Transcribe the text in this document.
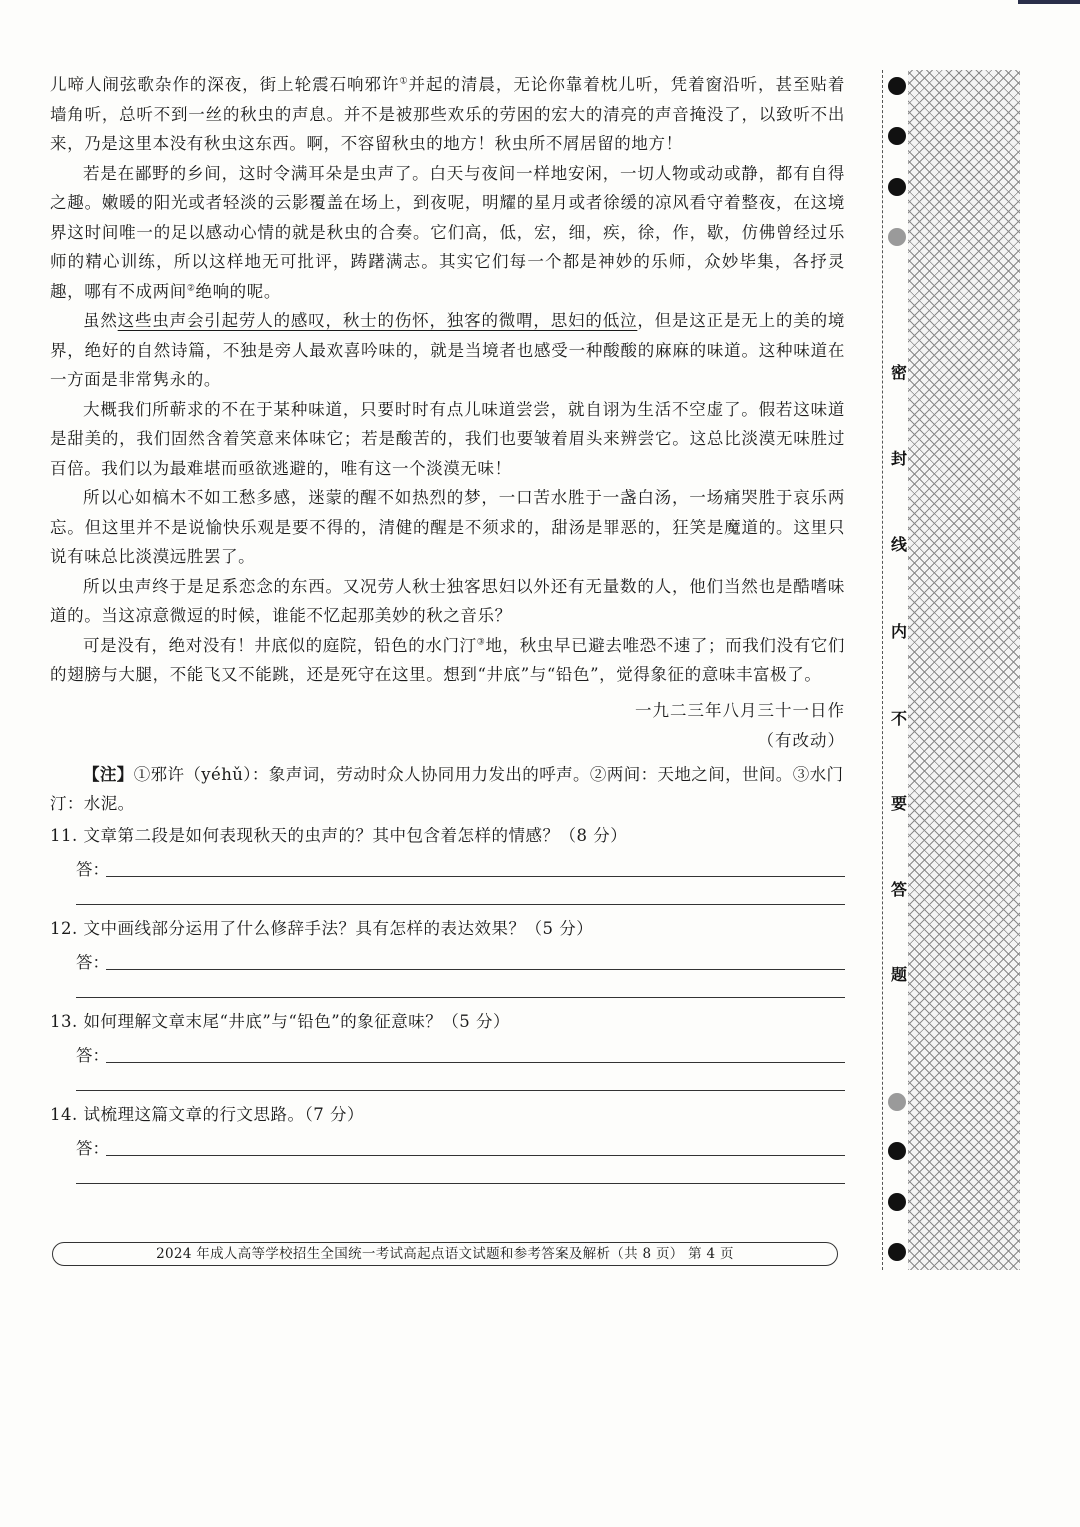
儿啼人闹弦歌杂作的深夜，街上轮震石响邪许①并起的清晨，无论你靠着枕儿听，凭着窗沿听，甚至贴着墙角听，总听不到一丝的秋虫的声息。并不是被那些欢乐的劳困的宏大的清亮的声音掩没了，以致听不出来，乃是这里本没有秋虫这东西。啊，不容留秋虫的地方！秋虫所不屑居留的地方！

若是在鄙野的乡间，这时令满耳朵是虫声了。白天与夜间一样地安闲，一切人物或动或静，都有自得之趣。嫩暖的阳光或者轻淡的云影覆盖在场上，到夜呢，明耀的星月或者徐缓的凉风看守着整夜，在这境界这时间唯一的足以感动心情的就是秋虫的合奏。它们高，低，宏，细，疾，徐，作，歇，仿佛曾经过乐师的精心训练，所以这样地无可批评，踌躇满志。其实它们每一个都是神妙的乐师，众妙毕集，各抒灵趣，哪有不成两间②绝响的呢。

虽然这些虫声会引起劳人的感叹，秋士的伤怀，独客的微喟，思妇的低泣，但是这正是无上的美的境界，绝好的自然诗篇，不独是旁人最欢喜吟味的，就是当境者也感受一种酸酸的麻麻的味道。这种味道在一方面是非常隽永的。

大概我们所蕲求的不在于某种味道，只要时时有点儿味道尝尝，就自诩为生活不空虚了。假若这味道是甜美的，我们固然含着笑意来体味它；若是酸苦的，我们也要皱着眉头来辨尝它。这总比淡漠无味胜过百倍。我们以为最难堪而亟欲逃避的，唯有这一个淡漠无味！

所以心如槁木不如工愁多感，迷蒙的醒不如热烈的梦，一口苦水胜于一盏白汤，一场痛哭胜于哀乐两忘。但这里并不是说愉快乐观是要不得的，清健的醒是不须求的，甜汤是罪恶的，狂笑是魔道的。这里只说有味总比淡漠远胜罢了。

所以虫声终于是足系恋念的东西。又况劳人秋士独客思妇以外还有无量数的人，他们当然也是酷嗜味道的。当这凉意微逗的时候，谁能不忆起那美妙的秋之音乐？

可是没有，绝对没有！井底似的庭院，铅色的水门汀③地，秋虫早已避去唯恐不速了；而我们没有它们的翅膀与大腿，不能飞又不能跳，还是死守在这里。想到“井底”与“铅色”，觉得象征的意味丰富极了。

一九二三年八月三十一日作
（有改动）

【注】①邪许（yéhǔ）：象声词，劳动时众人协同用力发出的呼声。②两间：天地之间，世间。③水门汀：水泥。

11. 文章第二段是如何表现秋天的虫声的？其中包含着怎样的情感？（8 分）
答：
12. 文中画线部分运用了什么修辞手法？具有怎样的表达效果？（5 分）
答：
13. 如何理解文章末尾“井底”与“铅色”的象征意味？（5 分）
答：
14. 试梳理这篇文章的行文思路。（7 分）
答：
2024 年成人高等学校招生全国统一考试高起点语文试题和参考答案及解析（共 8 页） 第 4 页
密
封
线
内
不
要
答
题
